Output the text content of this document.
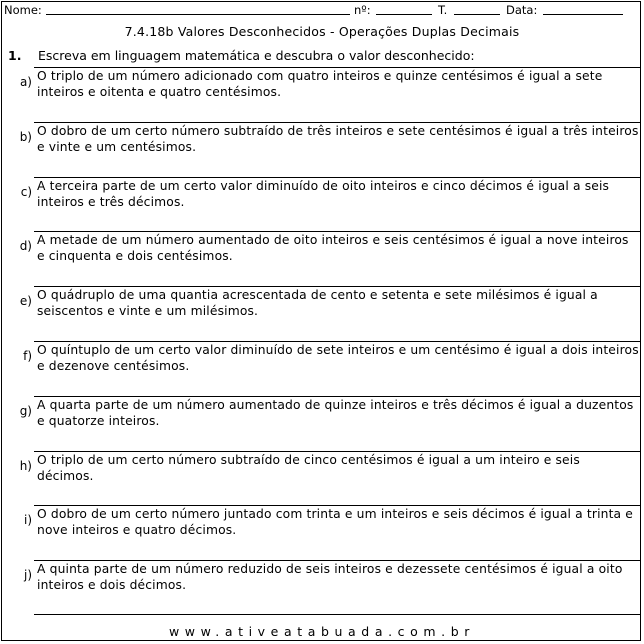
Nome:	nº:	T.	Data:
7.4.18b Valores Desconhecidos - Operações Duplas Decimais
1. Escreva em linguagem matemática e descubra o valor desconhecido:
a) O triplo de um número adicionado com quatro inteiros e quinze centésimos é igual a sete inteiros e oitenta e quatro centésimos.
b) O dobro de um certo número subtraído de três inteiros e sete centésimos é igual a três inteiros e vinte e um centésimos.
c) A terceira parte de um certo valor diminuído de oito inteiros e cinco décimos é igual a seis inteiros e três décimos.
d) A metade de um número aumentado de oito inteiros e seis centésimos é igual a nove inteiros e cinquenta e dois centésimos.
e) O quádruplo de uma quantia acrescentada de cento e setenta e sete milésimos é igual a seiscentos e vinte e um milésimos.
f) O quíntuplo de um certo valor diminuído de sete inteiros e um centésimo é igual a dois inteiros e dezenove centésimos.
g) A quarta parte de um número aumentado de quinze inteiros e três décimos é igual a duzentos e quatorze inteiros.
h) O triplo de um certo número subtraído de cinco centésimos é igual a um inteiro e seis décimos.
i) O dobro de um certo número juntado com trinta e um inteiros e seis décimos é igual a trinta e nove inteiros e quatro décimos.
j) A quinta parte de um número reduzido de seis inteiros e dezessete centésimos é igual a oito inteiros e dois décimos.
www.ativeatabuada.com.br
